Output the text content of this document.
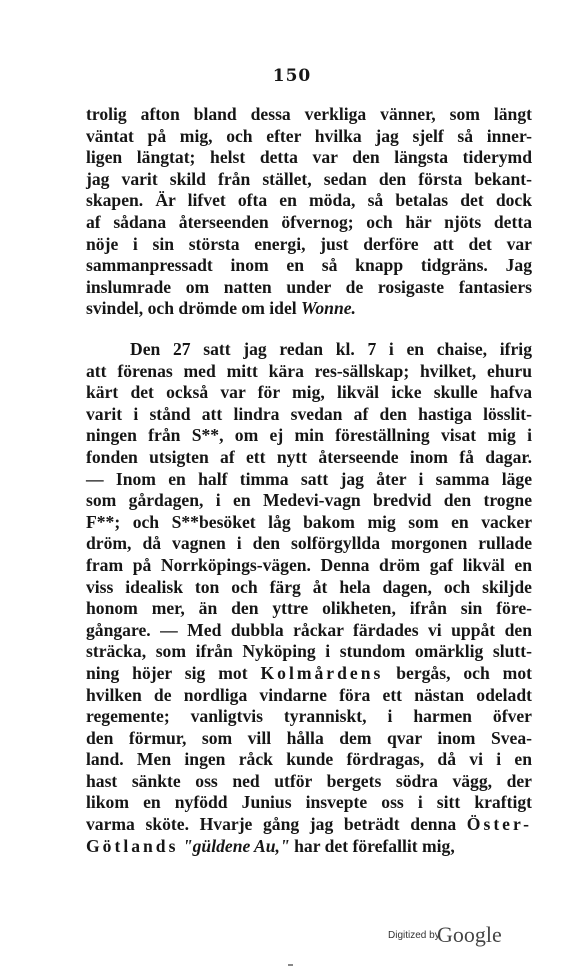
150
trolig afton bland dessa verkliga vänner, som längt
väntat på mig, och efter hvilka jag sjelf så inner-
ligen längtat; helst detta var den längsta tiderymd
jag varit skild från stället, sedan den första bekant-
skapen. Är lifvet ofta en möda, så betalas det dock
af sådana återseenden öfvernog; och här njöts detta
nöje i sin största energi, just derföre att det var
sammanpressadt inom en så knapp tidgräns. Jag
inslumrade om natten under de rosigaste fantasiers
svindel, och drömde om idel Wonne.
Den 27 satt jag redan kl. 7 i en chaise, ifrig
att förenas med mitt kära res-sällskap; hvilket, ehuru
kärt det också var för mig, likväl icke skulle hafva
varit i stånd att lindra svedan af den hastiga lösslit-
ningen från S**, om ej min föreställning visat mig i
fonden utsigten af ett nytt återseende inom få dagar.
— Inom en half timma satt jag åter i samma läge
som gårdagen, i en Medevi-vagn bredvid den trogne
F**; och S**besöket låg bakom mig som en vacker
dröm, då vagnen i den solförgyllda morgonen rullade
fram på Norrköpings-vägen. Denna dröm gaf likväl en
viss idealisk ton och färg åt hela dagen, och skiljde
honom mer, än den yttre olikheten, ifrån sin före-
gångare. — Med dubbla råckar färdades vi uppåt den
sträcka, som ifrån Nyköping i stundom omärklig slutt-
ning höjer sig mot Kolmårdens bergås, och mot
hvilken de nordliga vindarne föra ett nästan odeladt
regemente; vanligtvis tyranniskt, i harmen öfver
den förmur, som vill hålla dem qvar inom Svea-
land. Men ingen råck kunde fördragas, då vi i en
hast sänkte oss ned utför bergets södra vägg, der
likom en nyfödd Junius insvepte oss i sitt kraftigt
varma sköte. Hvarje gång jag beträdt denna Öster-
Götlands "güldene Au," har det förefallit mig,
Digitized by
Google
